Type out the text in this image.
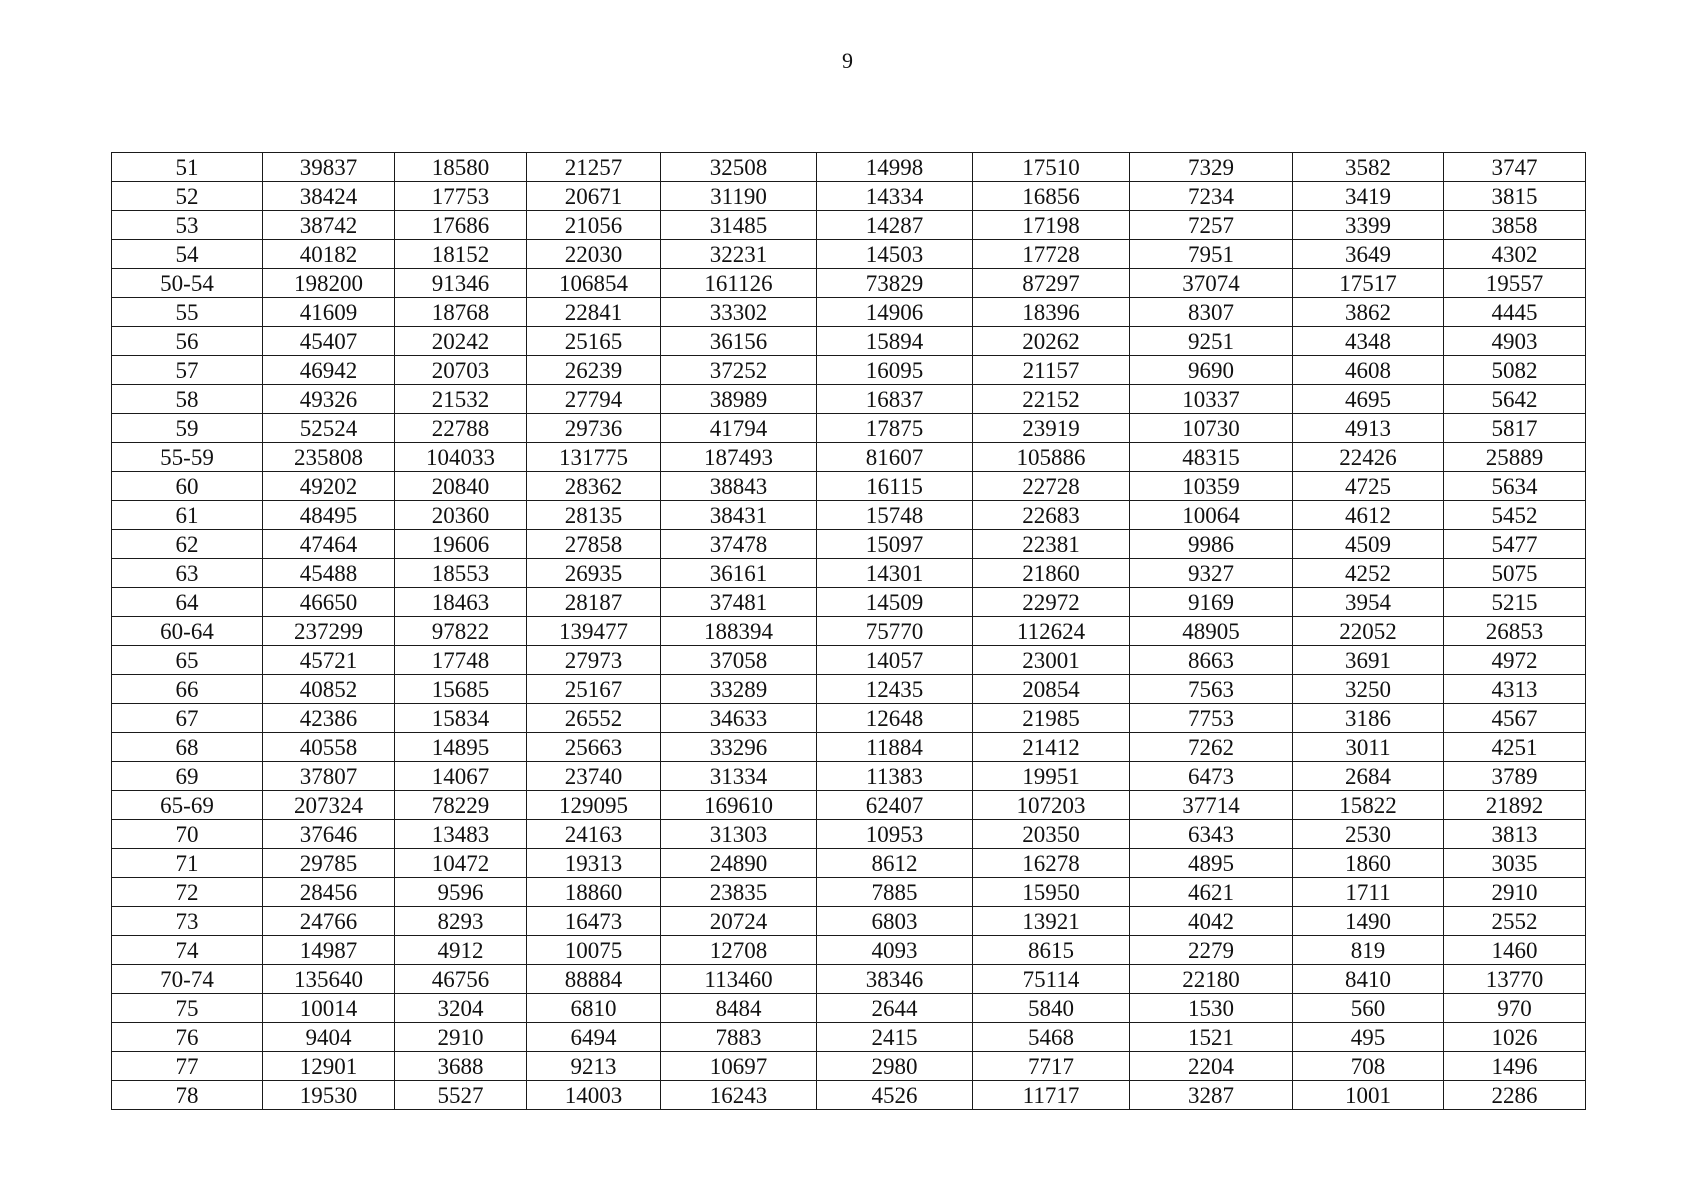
9
51	39837	18580	21257	32508	14998	17510	7329	3582	3747
52	38424	17753	20671	31190	14334	16856	7234	3419	3815
53	38742	17686	21056	31485	14287	17198	7257	3399	3858
54	40182	18152	22030	32231	14503	17728	7951	3649	4302
50-54	198200	91346	106854	161126	73829	87297	37074	17517	19557
55	41609	18768	22841	33302	14906	18396	8307	3862	4445
56	45407	20242	25165	36156	15894	20262	9251	4348	4903
57	46942	20703	26239	37252	16095	21157	9690	4608	5082
58	49326	21532	27794	38989	16837	22152	10337	4695	5642
59	52524	22788	29736	41794	17875	23919	10730	4913	5817
55-59	235808	104033	131775	187493	81607	105886	48315	22426	25889
60	49202	20840	28362	38843	16115	22728	10359	4725	5634
61	48495	20360	28135	38431	15748	22683	10064	4612	5452
62	47464	19606	27858	37478	15097	22381	9986	4509	5477
63	45488	18553	26935	36161	14301	21860	9327	4252	5075
64	46650	18463	28187	37481	14509	22972	9169	3954	5215
60-64	237299	97822	139477	188394	75770	112624	48905	22052	26853
65	45721	17748	27973	37058	14057	23001	8663	3691	4972
66	40852	15685	25167	33289	12435	20854	7563	3250	4313
67	42386	15834	26552	34633	12648	21985	7753	3186	4567
68	40558	14895	25663	33296	11884	21412	7262	3011	4251
69	37807	14067	23740	31334	11383	19951	6473	2684	3789
65-69	207324	78229	129095	169610	62407	107203	37714	15822	21892
70	37646	13483	24163	31303	10953	20350	6343	2530	3813
71	29785	10472	19313	24890	8612	16278	4895	1860	3035
72	28456	9596	18860	23835	7885	15950	4621	1711	2910
73	24766	8293	16473	20724	6803	13921	4042	1490	2552
74	14987	4912	10075	12708	4093	8615	2279	819	1460
70-74	135640	46756	88884	113460	38346	75114	22180	8410	13770
75	10014	3204	6810	8484	2644	5840	1530	560	970
76	9404	2910	6494	7883	2415	5468	1521	495	1026
77	12901	3688	9213	10697	2980	7717	2204	708	1496
78	19530	5527	14003	16243	4526	11717	3287	1001	2286
